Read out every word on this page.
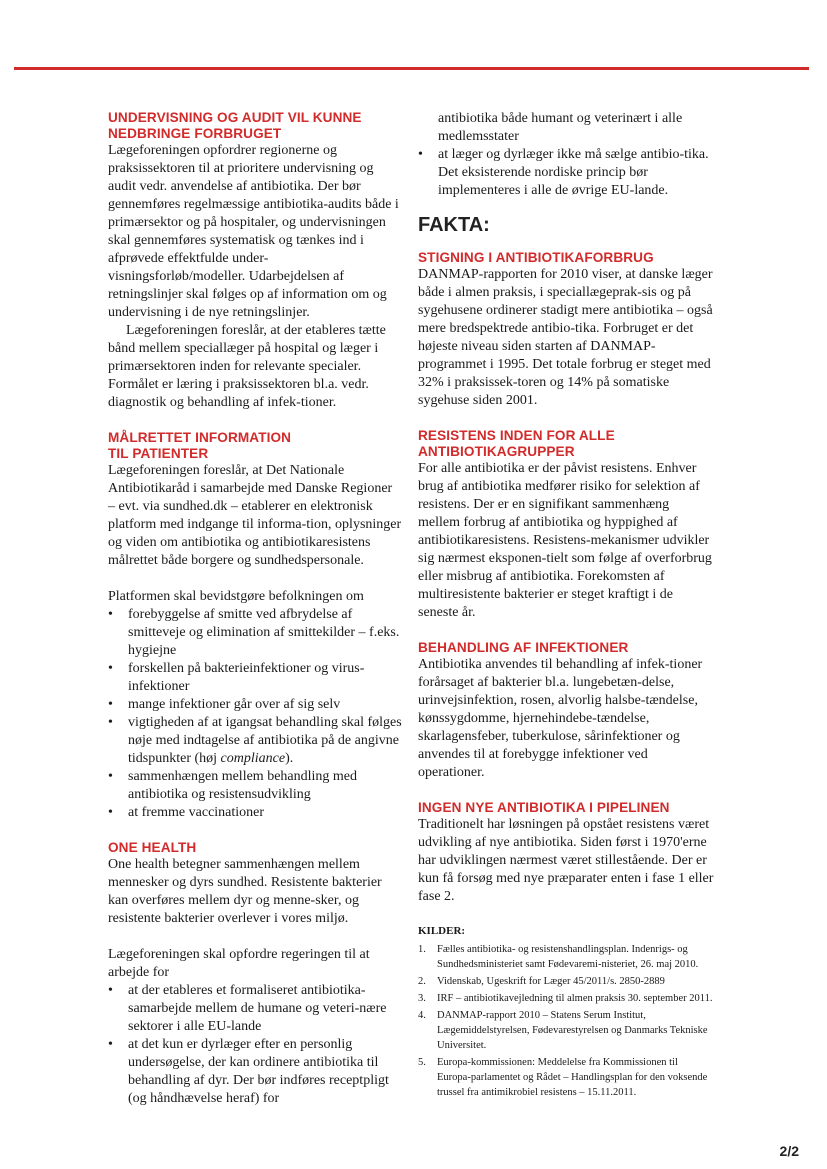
UNDERVISNING OG AUDIT VIL KUNNE NEDBRINGE FORBRUGET

Lægeforeningen opfordrer regionerne og praksissektoren til at prioritere undervisning og audit vedr. anvendelse af antibiotika. Der bør gennemføres regelmæssige antibiotika-audits både i primærsektor og på hospitaler, og undervisningen skal gennemføres systematisk og tænkes ind i afprøvede effektfulde under-visningsforløb/modeller. Udarbejdelsen af retningslinjer skal følges op af information om og undervisning i de nye retningslinjer.

Lægeforeningen foreslår, at der etableres tætte bånd mellem speciallæger på hospital og læger i primærsektoren inden for relevante specialer. Formålet er læring i praksissektoren bl.a. vedr. diagnostik og behandling af infek-tioner.

MÅLRETTET INFORMATION
TIL PATIENTER

Lægeforeningen foreslår, at Det Nationale Antibiotikaråd i samarbejde med Danske Regioner – evt. via sundhed.dk – etablerer en elektronisk platform med indgange til informa-tion, oplysninger og viden om antibiotika og antibiotikaresistens målrettet både borgere og sundhedspersonale.

Platformen skal bevidstgøre befolkningen om

• forebyggelse af smitte ved afbrydelse af smitteveje og elimination af smittekilder – f.eks. hygiejne
• forskellen på bakterieinfektioner og virus-infektioner
• mange infektioner går over af sig selv
• vigtigheden af at igangsat behandling skal følges nøje med indtagelse af antibiotika på de angivne tidspunkter (høj compliance).
• sammenhængen mellem behandling med antibiotika og resistensudvikling
• at fremme vaccinationer
ONE HEALTH

One health betegner sammenhængen mellem mennesker og dyrs sundhed. Resistente bakterier kan overføres mellem dyr og menne-sker, og resistente bakterier overlever i vores miljø.

Lægeforeningen skal opfordre regeringen til at arbejde for

• at der etableres et formaliseret antibiotika-samarbejde mellem de humane og veteri-nære sektorer i alle EU-lande
• at det kun er dyrlæger efter en personlig undersøgelse, der kan ordinere antibiotika til behandling af dyr. Der bør indføres receptpligt (og håndhævelse heraf) for
antibiotika både humant og veterinært i alle medlemsstater
• at læger og dyrlæger ikke må sælge antibio-tika. Det eksisterende nordiske princip bør implementeres i alle de øvrige EU-lande.
FAKTA:
STIGNING I ANTIBIOTIKAFORBRUG

DANMAP-rapporten for 2010 viser, at danske læger både i almen praksis, i speciallægeprak-sis og på sygehusene ordinerer stadigt mere antibiotika – også mere bredspektrede antibio-tika. Forbruget er det højeste niveau siden starten af DANMAP-programmet i 1995. Det totale forbrug er steget med 32% i praksissek-toren og 14% på somatiske sygehuse siden 2001.

RESISTENS INDEN FOR ALLE
ANTIBIOTIKAGRUPPER

For alle antibiotika er der påvist resistens. Enhver brug af antibiotika medfører risiko for selektion af resistens. Der er en signifikant sammenhæng mellem forbrug af antibiotika og hyppighed af antibiotikaresistens. Resistens-mekanismer udvikler sig nærmest eksponen-tielt som følge af overforbrug eller misbrug af antibiotika. Forekomsten af multiresistente bakterier er steget kraftigt i de seneste år.

BEHANDLING AF INFEKTIONER

Antibiotika anvendes til behandling af infek-tioner forårsaget af bakterier bl.a. lungebetæn-delse, urinvejsinfektion, rosen, alvorlig halsbe-tændelse, kønssygdomme, hjernehindebe-tændelse, skarlagensfeber, tuberkulose, sårinfektioner og anvendes til at forebygge infektioner ved operationer.

INGEN NYE ANTIBIOTIKA I PIPELINEN

Traditionelt har løsningen på opstået resistens været udvikling af nye antibiotika. Siden først i 1970'erne har udviklingen nærmest været stillestående. Der er kun få forsøg med nye præparater enten i fase 1 eller fase 2.

KILDER:
1. Fælles antibiotika- og resistenshandlingsplan. Indenrigs- og Sundhedsministeriet samt Fødevaremi-nisteriet, 26. maj 2010.
2. Videnskab, Ugeskrift for Læger 45/2011/s. 2850-2889
3. IRF – antibiotikavejledning til almen praksis 30. september 2011.
4. DANMAP-rapport 2010 – Statens Serum Institut, Lægemiddelstyrelsen, Fødevarestyrelsen og Danmarks Tekniske Universitet.
5. Europa-kommissionen: Meddelelse fra Kommissionen til Europa-parlamentet og Rådet – Handlingsplan for den voksende trussel fra antimikrobiel resistens – 15.11.2011.
2/2
